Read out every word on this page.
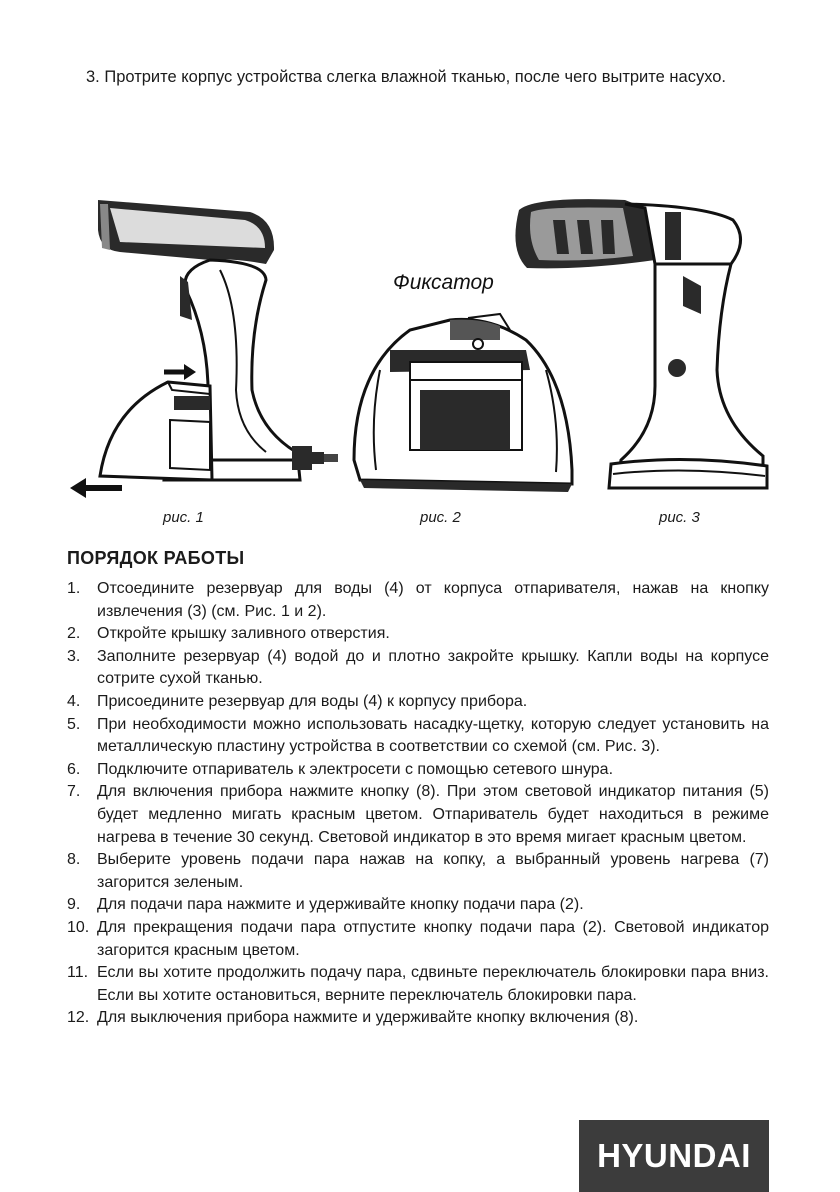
3. Протрите корпус устройства слегка влажной тканью, после чего вытрите насухо.
Фиксатор
рис. 1	рис. 2	рис. 3
ПОРЯДОК РАБОТЫ
1. Отсоедините резервуар для воды (4) от корпуса отпаривателя, нажав на кнопку извлечения (3) (см. Рис. 1 и 2).
2. Откройте крышку заливного отверстия.
3. Заполните резервуар (4) водой до и плотно закройте крышку. Капли воды на корпусе сотрите сухой тканью.
4. Присоедините резервуар для воды (4) к корпусу прибора.
5. При необходимости можно использовать насадку-щетку, которую следует установить на металлическую пластину устройства в соответствии со схемой (см. Рис. 3).
6. Подключите отпариватель к электросети с помощью сетевого шнура.
7. Для включения прибора нажмите кнопку (8). При этом световой индикатор питания (5) будет медленно мигать красным цветом. Отпариватель будет находиться в режиме нагрева в течение 30 секунд. Световой индикатор в это время мигает красным цветом.
8. Выберите уровень подачи пара нажав на копку, а выбранный уровень нагрева (7) загорится зеленым.
9. Для подачи пара нажмите и удерживайте кнопку подачи пара (2).
10. Для прекращения подачи пара отпустите кнопку подачи пара (2). Световой индикатор загорится красным цветом.
11. Если вы хотите продолжить подачу пара, сдвиньте переключатель блокировки пара вниз. Если вы хотите остановиться, верните переключатель блокировки пара.
12. Для выключения прибора нажмите и удерживайте кнопку включения (8).
HYUNDAI
